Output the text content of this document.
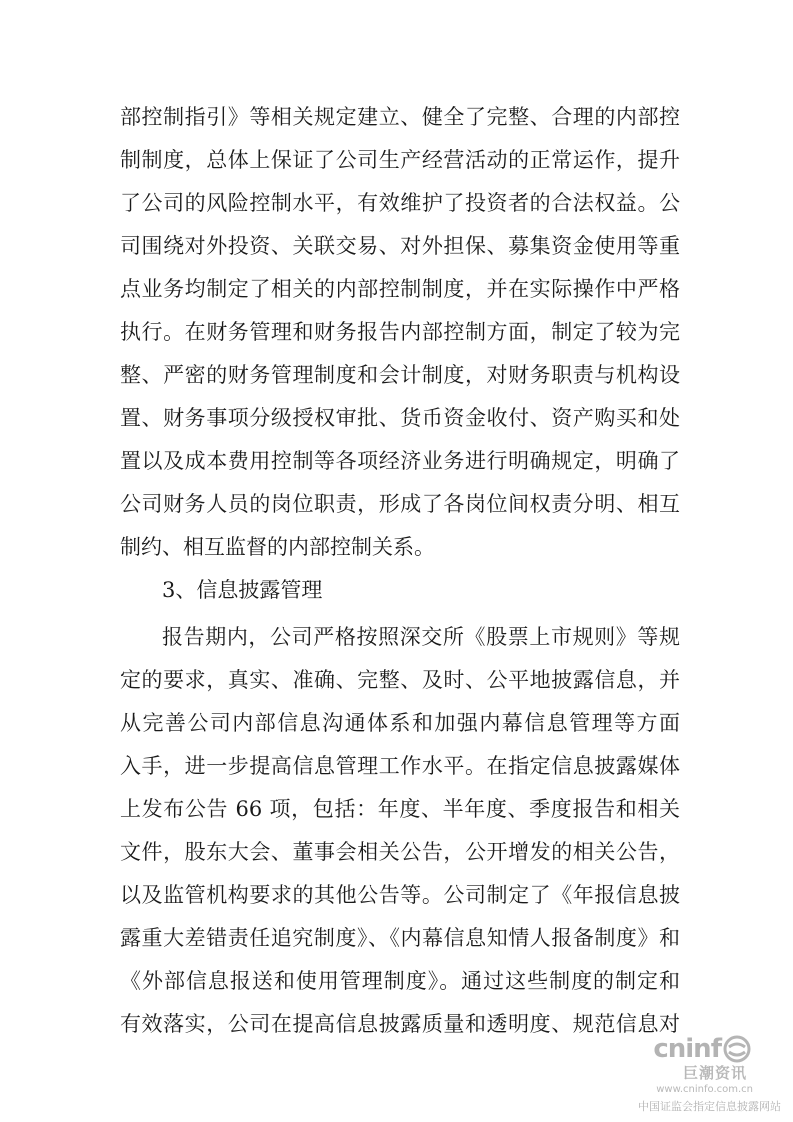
部控制指引》等相关规定建立、健全了完整、合理的内部控
制制度，总体上保证了公司生产经营活动的正常运作，提升
了公司的风险控制水平，有效维护了投资者的合法权益。公
司围绕对外投资、关联交易、对外担保、募集资金使用等重
点业务均制定了相关的内部控制制度，并在实际操作中严格
执行。在财务管理和财务报告内部控制方面，制定了较为完
整、严密的财务管理制度和会计制度，对财务职责与机构设
置、财务事项分级授权审批、货币资金收付、资产购买和处
置以及成本费用控制等各项经济业务进行明确规定，明确了
公司财务人员的岗位职责，形成了各岗位间权责分明、相互
制约、相互监督的内部控制关系。
3、信息披露管理
报告期内，公司严格按照深交所《股票上市规则》等规
定的要求，真实、准确、完整、及时、公平地披露信息，并
从完善公司内部信息沟通体系和加强内幕信息管理等方面
入手，进一步提高信息管理工作水平。在指定信息披露媒体
上发布公告 66 项，包括：年度、半年度、季度报告和相关
文件，股东大会、董事会相关公告，公开增发的相关公告，
以及监管机构要求的其他公告等。公司制定了《年报信息披
露重大差错责任追究制度》、《内幕信息知情人报备制度》和
《外部信息报送和使用管理制度》。通过这些制度的制定和
有效落实，公司在提高信息披露质量和透明度、规范信息对
cninf
巨潮资讯
www.cninfo.com.cn
中国证监会指定信息披露网站
